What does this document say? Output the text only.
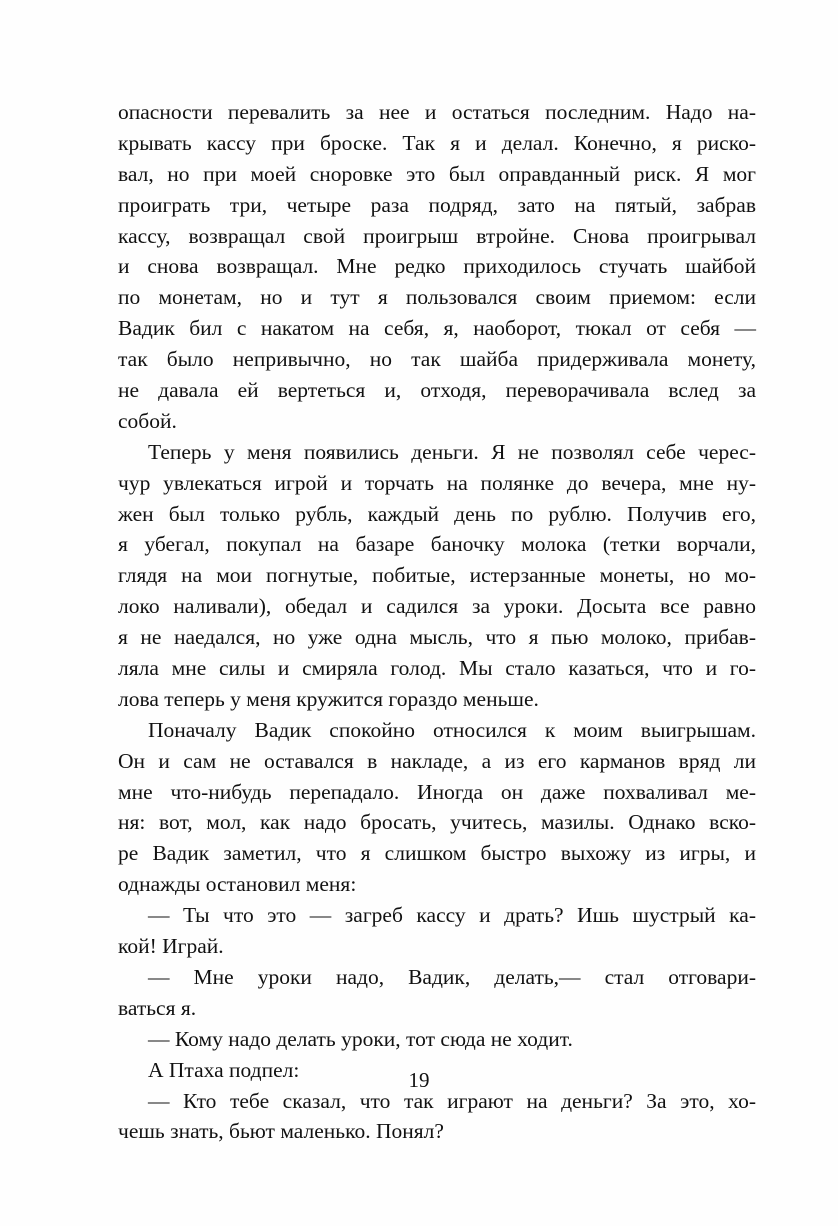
опасности перевалить за нее и остаться последним. Надо на-
крывать кассу при броске. Так я и делал. Конечно, я риско-
вал, но при моей сноровке это был оправданный риск. Я мог
проиграть три, четыре раза подряд, зато на пятый, забрав
кассу, возвращал свой проигрыш втройне. Снова проигрывал
и снова возвращал. Мне редко приходилось стучать шайбой
по монетам, но и тут я пользовался своим приемом: если
Вадик бил с накатом на себя, я, наоборот, тюкал от себя —
так было непривычно, но так шайба придерживала монету,
не давала ей вертеться и, отходя, переворачивала вслед за
собой.
Теперь у меня появились деньги. Я не позволял себе черес-
чур увлекаться игрой и торчать на полянке до вечера, мне ну-
жен был только рубль, каждый день по рублю. Получив его,
я убегал, покупал на базаре баночку молока (тетки ворчали,
глядя на мои погнутые, побитые, истерзанные монеты, но мо-
локо наливали), обедал и садился за уроки. Досыта все равно
я не наедался, но уже одна мысль, что я пью молоко, прибав-
ляла мне силы и смиряла голод. Мы стало казаться, что и го-
лова теперь у меня кружится гораздо меньше.
Поначалу Вадик спокойно относился к моим выигрышам.
Он и сам не оставался в накладе, а из его карманов вряд ли
мне что-нибудь перепадало. Иногда он даже похваливал ме-
ня: вот, мол, как надо бросать, учитесь, мазилы. Однако вско-
ре Вадик заметил, что я слишком быстро выхожу из игры, и
однажды остановил меня:
— Ты что это — загреб кассу и драть? Ишь шустрый ка-
кой! Играй.
— Мне уроки надо, Вадик, делать,— стал отговари-
ваться я.
— Кому надо делать уроки, тот сюда не ходит.
А Птаха подпел:
— Кто тебе сказал, что так играют на деньги? За это, хо-
чешь знать, бьют маленько. Понял?
19
